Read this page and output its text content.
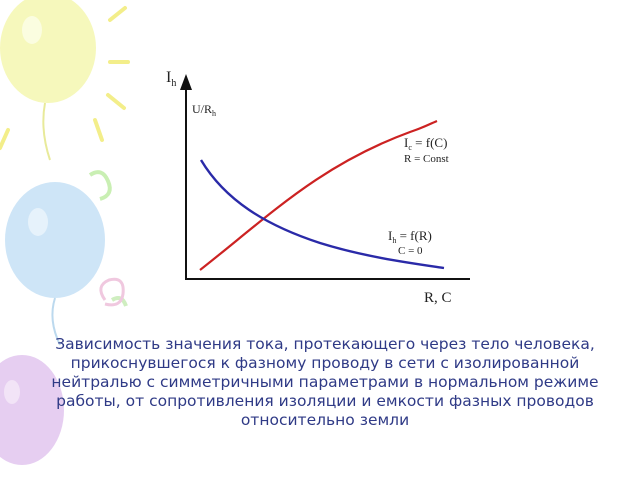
$I_h$
$U/R_h$
R, C
$I_c = f(C)$
R = Const
$I_h = f(R)$
C = 0
Зависимость значения тока, протекающего через тело человека, прикоснувшегося к фазному проводу в сети с изолированной нейтралью с симметричными параметрами в нормальном режиме работы, от сопротивления изоляции и емкости фазных проводов относительно земли
